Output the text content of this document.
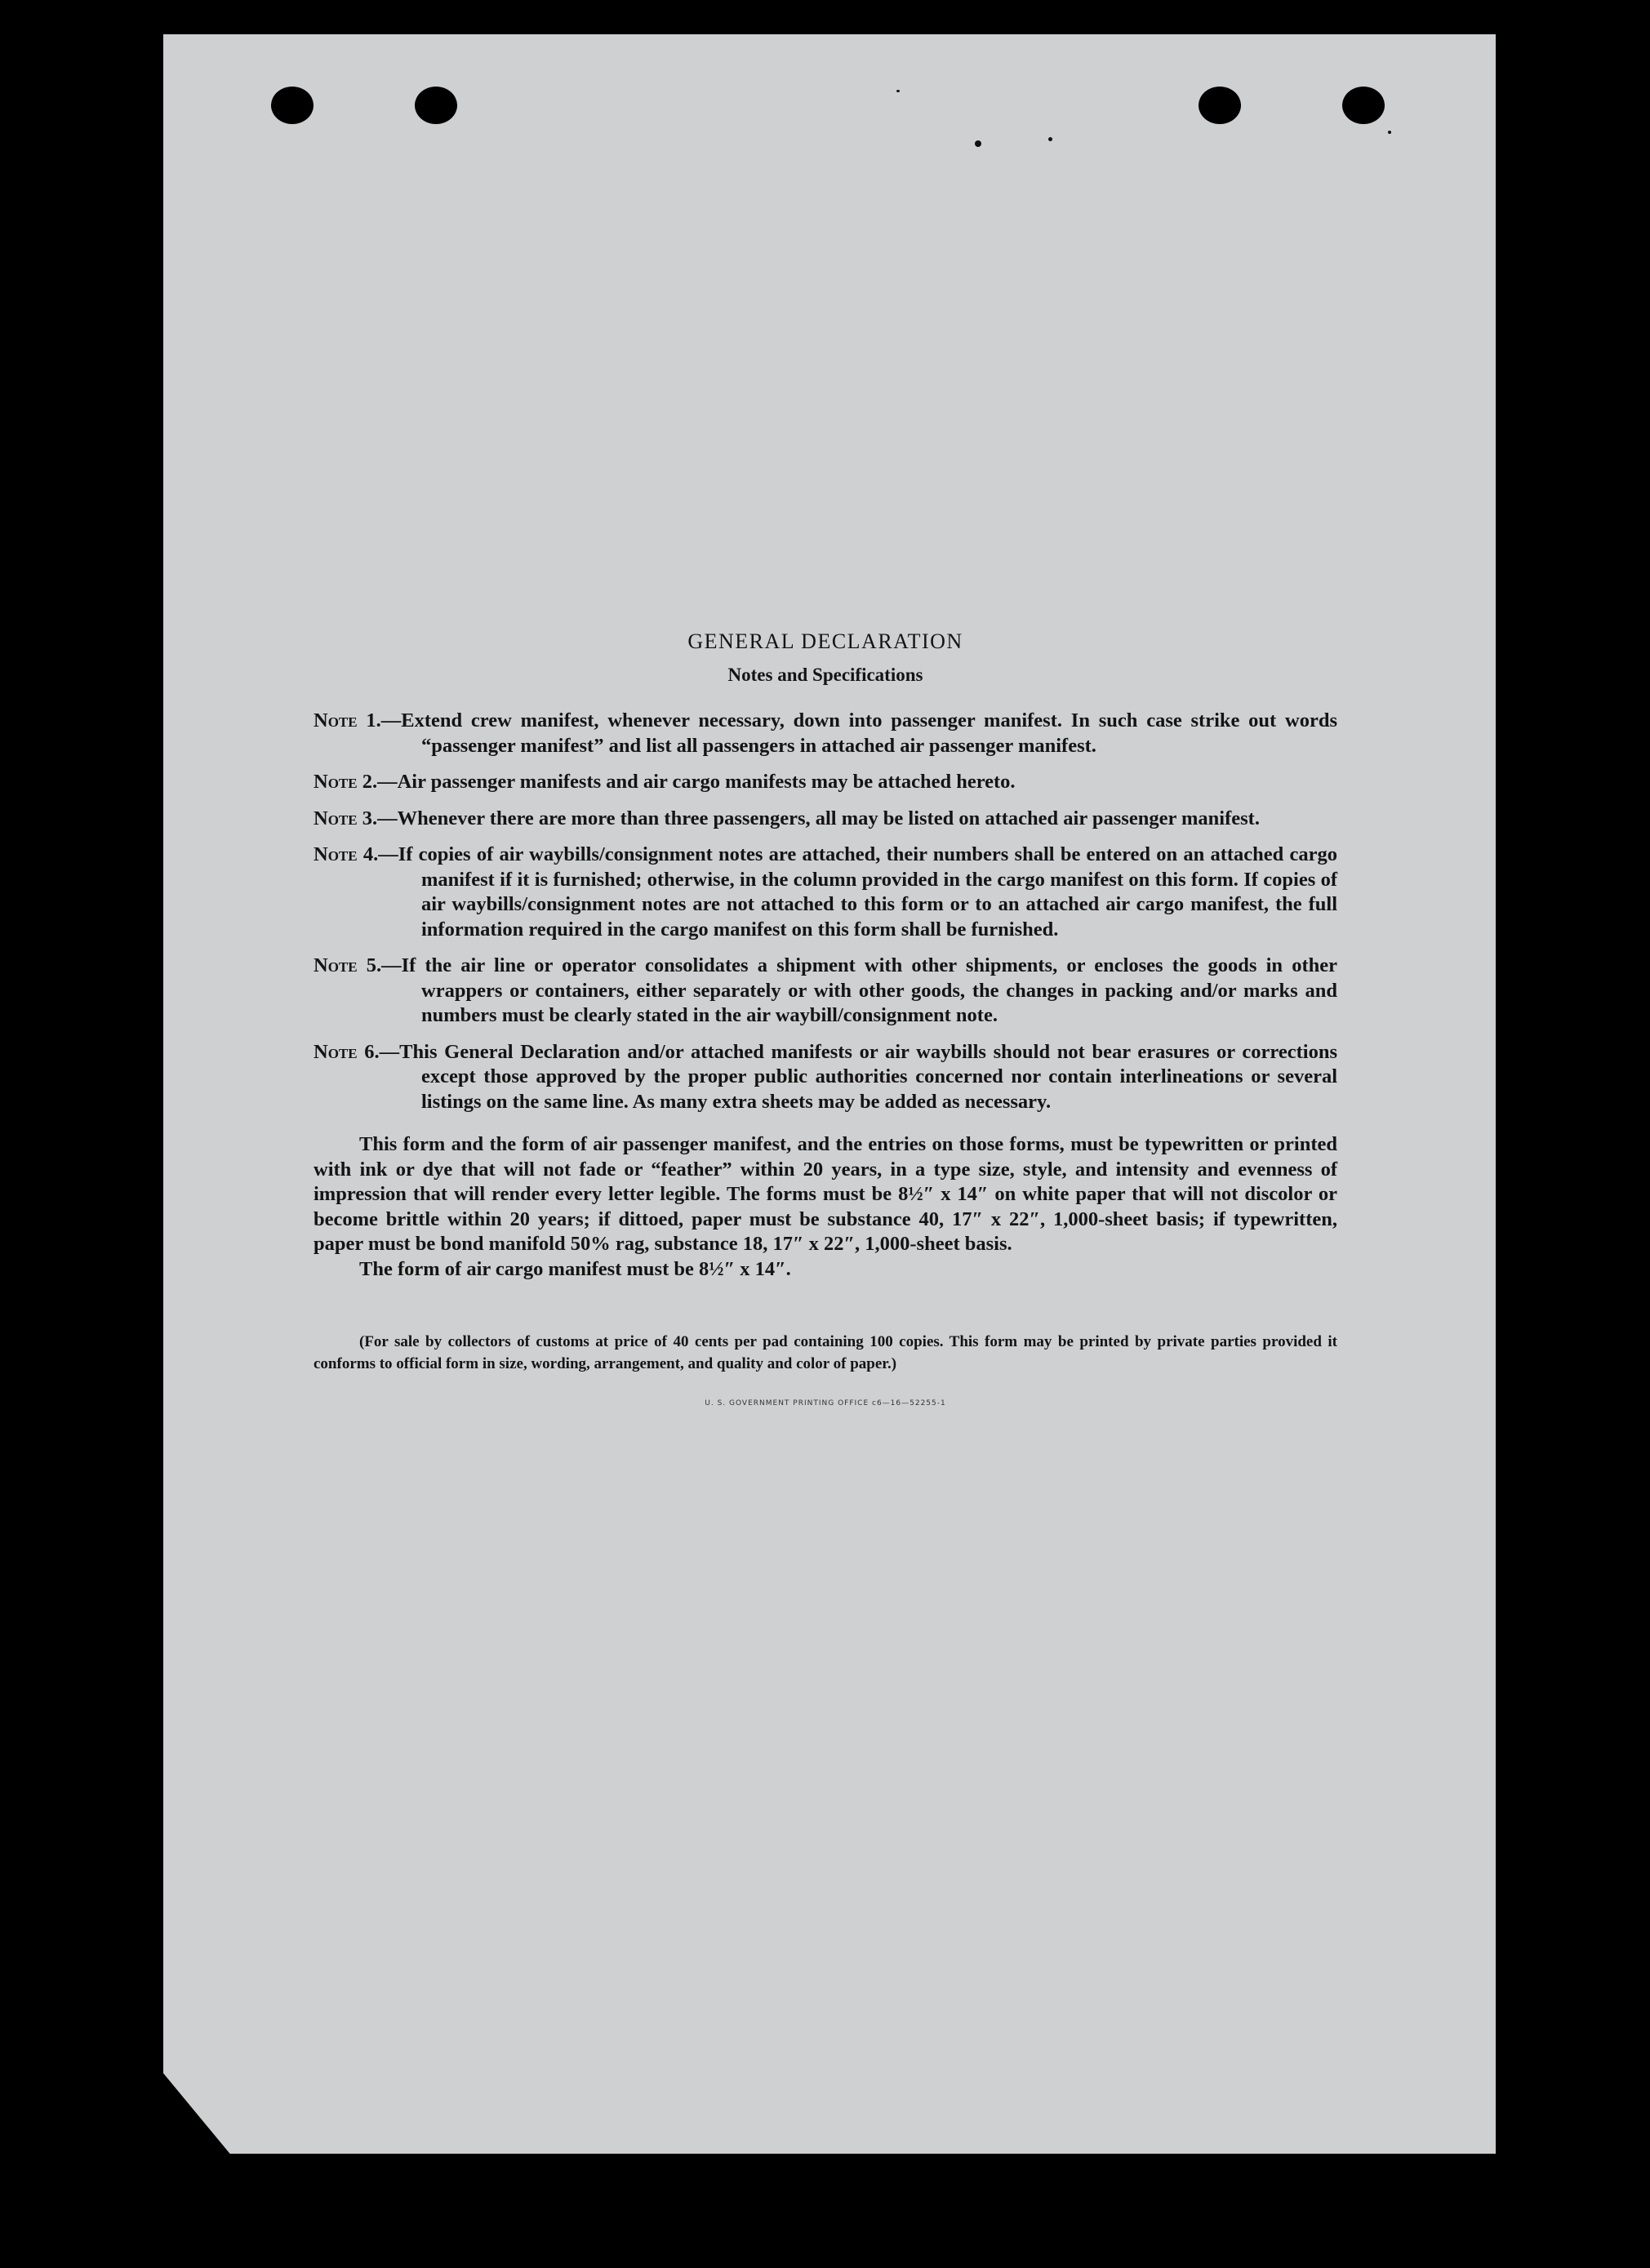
GENERAL DECLARATION
Notes and Specifications

Note 1.—Extend crew manifest, whenever necessary, down into passenger manifest. In such case strike out words “passenger manifest” and list all passengers in attached air passenger manifest.

Note 2.—Air passenger manifests and air cargo manifests may be attached hereto.

Note 3.—Whenever there are more than three passengers, all may be listed on attached air passenger manifest.

Note 4.—If copies of air waybills/consignment notes are attached, their numbers shall be entered on an attached cargo manifest if it is furnished; otherwise, in the column provided in the cargo manifest on this form. If copies of air waybills/consignment notes are not attached to this form or to an attached air cargo manifest, the full information required in the cargo manifest on this form shall be furnished.

Note 5.—If the air line or operator consolidates a shipment with other shipments, or encloses the goods in other wrappers or containers, either separately or with other goods, the changes in packing and/or marks and numbers must be clearly stated in the air waybill/consignment note.

Note 6.—This General Declaration and/or attached manifests or air waybills should not bear erasures or corrections except those approved by the proper public authorities concerned nor contain interlineations or several listings on the same line. As many extra sheets may be added as necessary.

This form and the form of air passenger manifest, and the entries on those forms, must be typewritten or printed with ink or dye that will not fade or “feather” within 20 years, in a type size, style, and intensity and evenness of impression that will render every letter legible. The forms must be 8½″ x 14″ on white paper that will not discolor or become brittle within 20 years; if dittoed, paper must be substance 40, 17″ x 22″, 1,000-sheet basis; if typewritten, paper must be bond manifold 50% rag, substance 18, 17″ x 22″, 1,000-sheet basis.

The form of air cargo manifest must be 8½″ x 14″.

(For sale by collectors of customs at price of 40 cents per pad containing 100 copies. This form may be printed by private parties provided it conforms to official form in size, wording, arrangement, and quality and color of paper.)

U. S. GOVERNMENT PRINTING OFFICE c6—16—52255-1
